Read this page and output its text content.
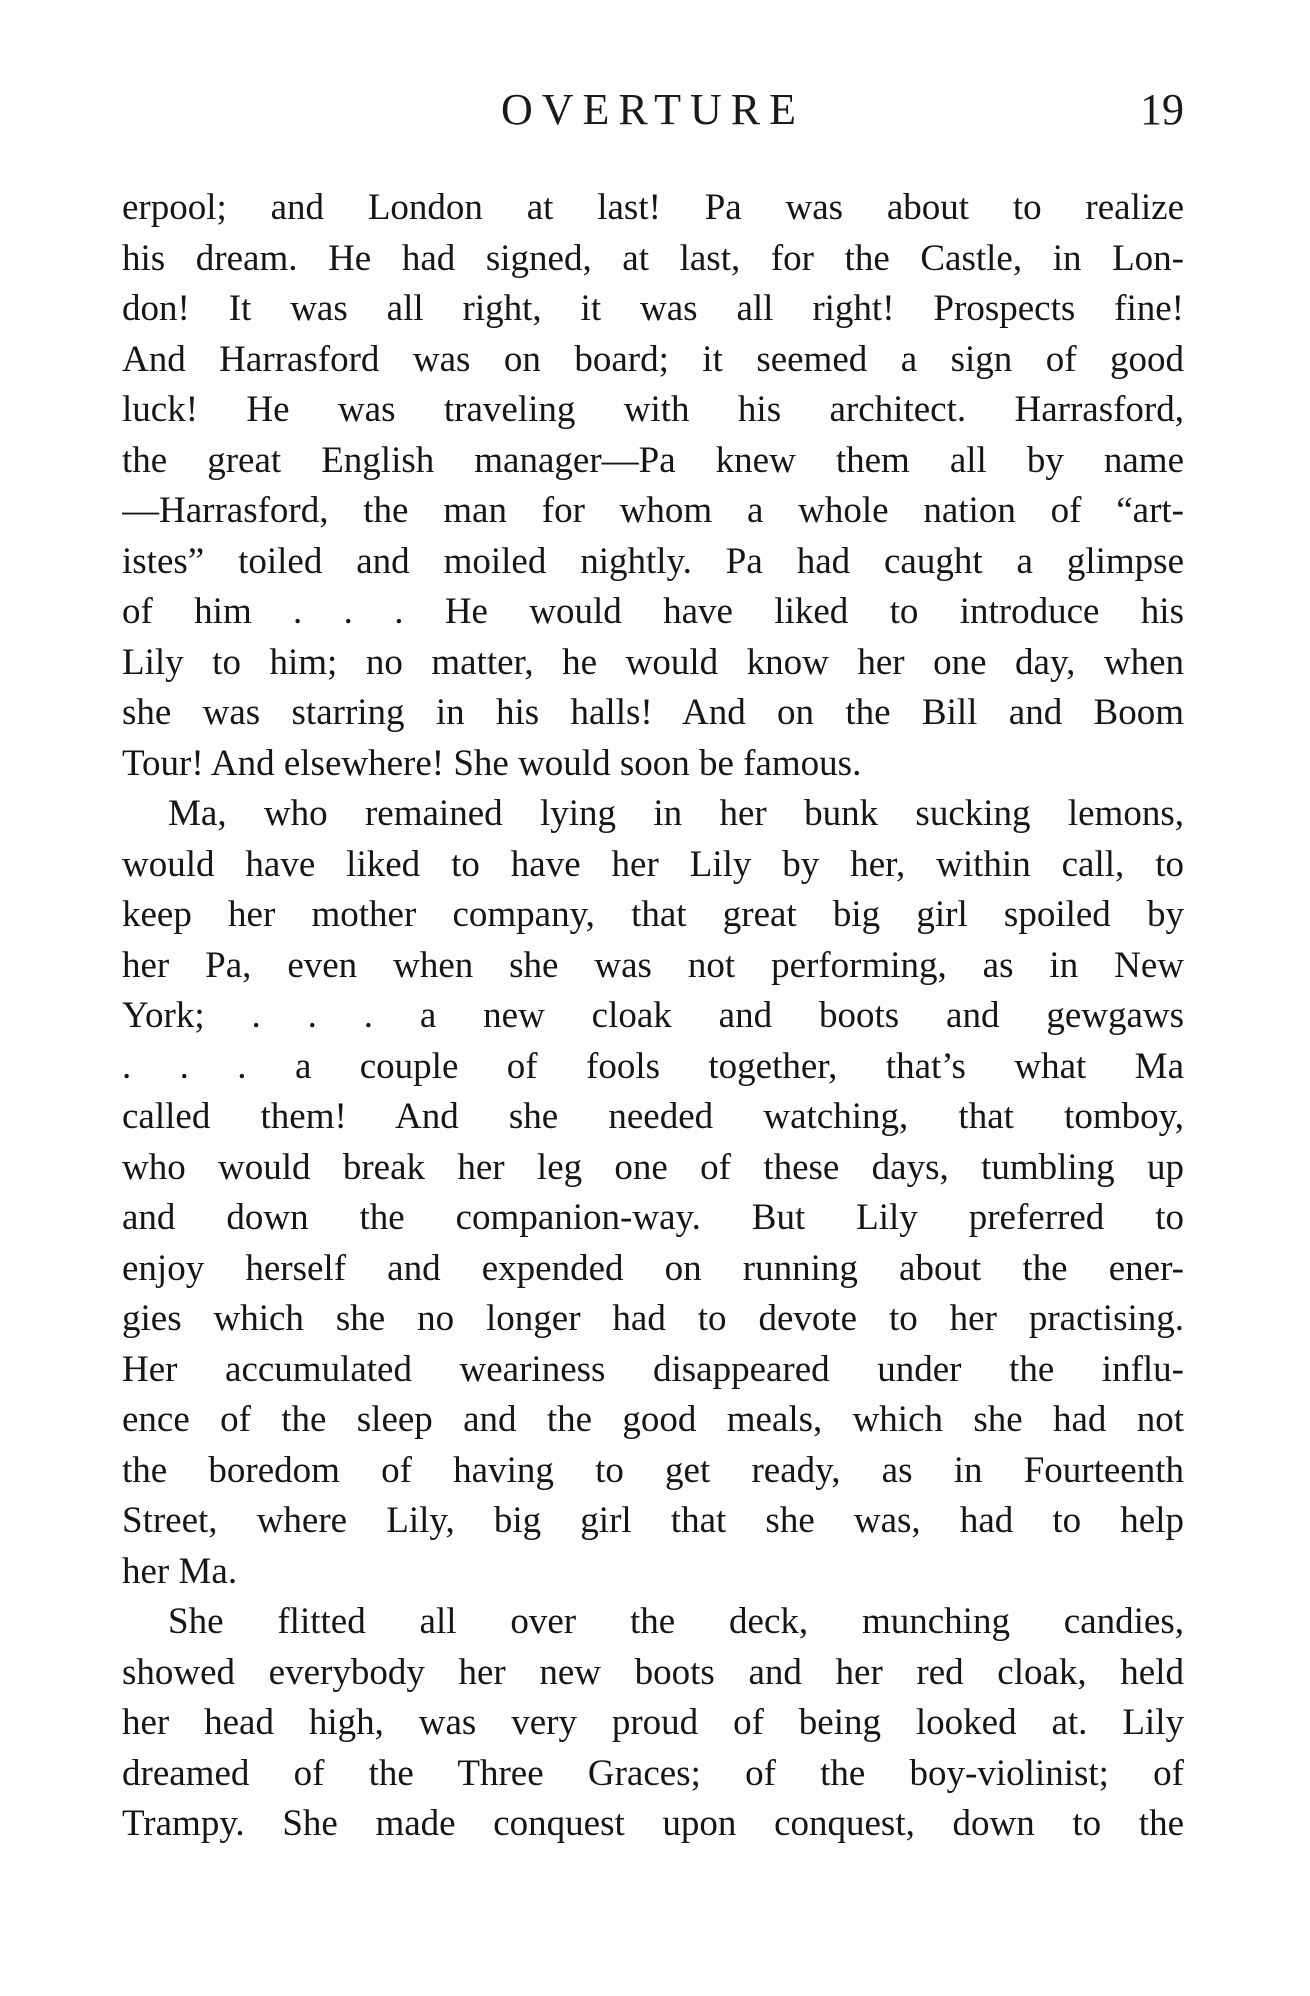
OVERTURE	19
erpool; and London at last! Pa was about to realize
his dream. He had signed, at last, for the Castle, in Lon-
don! It was all right, it was all right! Prospects fine!
And Harrasford was on board; it seemed a sign of good
luck! He was traveling with his architect. Harrasford,
the great English manager—Pa knew them all by name
—Harrasford, the man for whom a whole nation of “art-
istes” toiled and moiled nightly. Pa had caught a glimpse
of him . . . He would have liked to introduce his
Lily to him; no matter, he would know her one day, when
she was starring in his halls! And on the Bill and Boom
Tour! And elsewhere! She would soon be famous.
Ma, who remained lying in her bunk sucking lemons,
would have liked to have her Lily by her, within call, to
keep her mother company, that great big girl spoiled by
her Pa, even when she was not performing, as in New
York; . . . a new cloak and boots and gewgaws
. . . a couple of fools together, that’s what Ma
called them! And she needed watching, that tomboy,
who would break her leg one of these days, tumbling up
and down the companion-way. But Lily preferred to
enjoy herself and expended on running about the ener-
gies which she no longer had to devote to her practising.
Her accumulated weariness disappeared under the influ-
ence of the sleep and the good meals, which she had not
the boredom of having to get ready, as in Fourteenth
Street, where Lily, big girl that she was, had to help
her Ma.
She flitted all over the deck, munching candies,
showed everybody her new boots and her red cloak, held
her head high, was very proud of being looked at. Lily
dreamed of the Three Graces; of the boy-violinist; of
Trampy. She made conquest upon conquest, down to the
